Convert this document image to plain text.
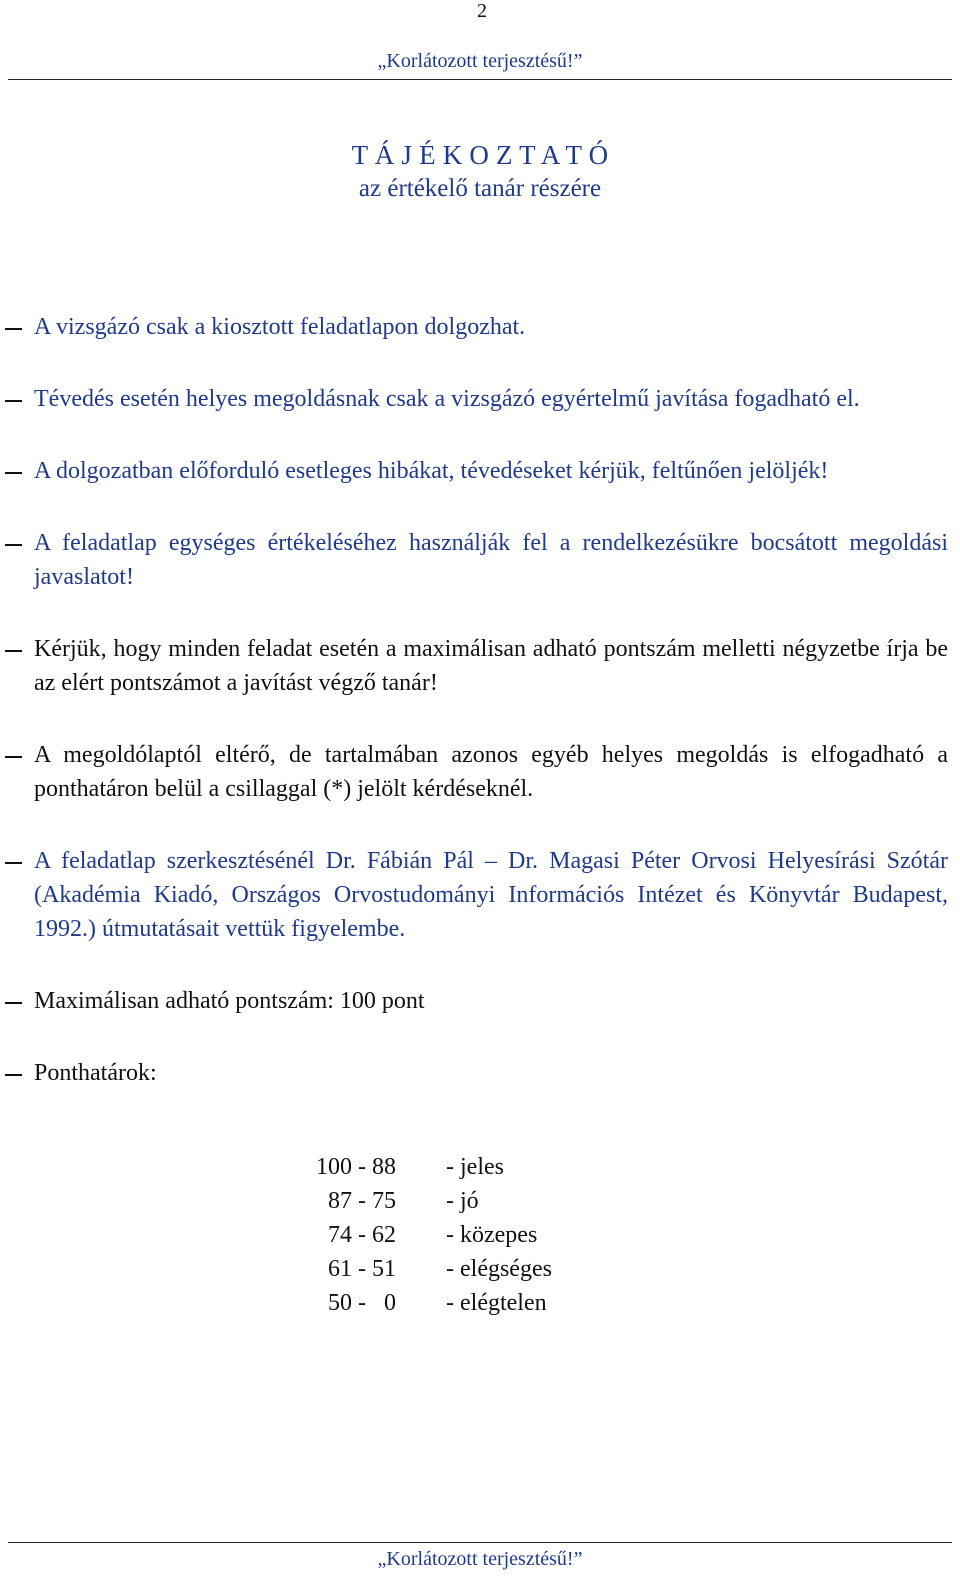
2
„Korlátozott terjesztésű!”
T Á J É K O Z T A T Ó
az értékelő tanár részére
A vizsgázó csak a kiosztott feladatlapon dolgozhat.
Tévedés esetén helyes megoldásnak csak a vizsgázó egyértelmű javítása fogadható el.
A dolgozatban előforduló esetleges hibákat, tévedéseket kérjük, feltűnően jelöljék!
A feladatlap egységes értékeléséhez használják fel a rendelkezésükre bocsátott megoldási javaslatot!
Kérjük, hogy minden feladat esetén a maximálisan adható pontszám melletti négyzetbe írja be az elért pontszámot a javítást végző tanár!
A megoldólaptól eltérő, de tartalmában azonos egyéb helyes megoldás is elfogadható a ponthatáron belül a csillaggal (*) jelölt kérdéseknél.
A feladatlap szerkesztésénél Dr. Fábián Pál – Dr. Magasi Péter Orvosi Helyesírási Szótár (Akadémia Kiadó, Országos Orvostudományi Információs Intézet és Könyvtár Budapest, 1992.) útmutatásait vettük figyelembe.
Maximálisan adható pontszám: 100 pont
Ponthatárok:
100 - 88	- jeles
87 - 75	- jó
74 - 62	- közepes
61 - 51	- elégséges
50 -   0	- elégtelen
„Korlátozott terjesztésű!”
